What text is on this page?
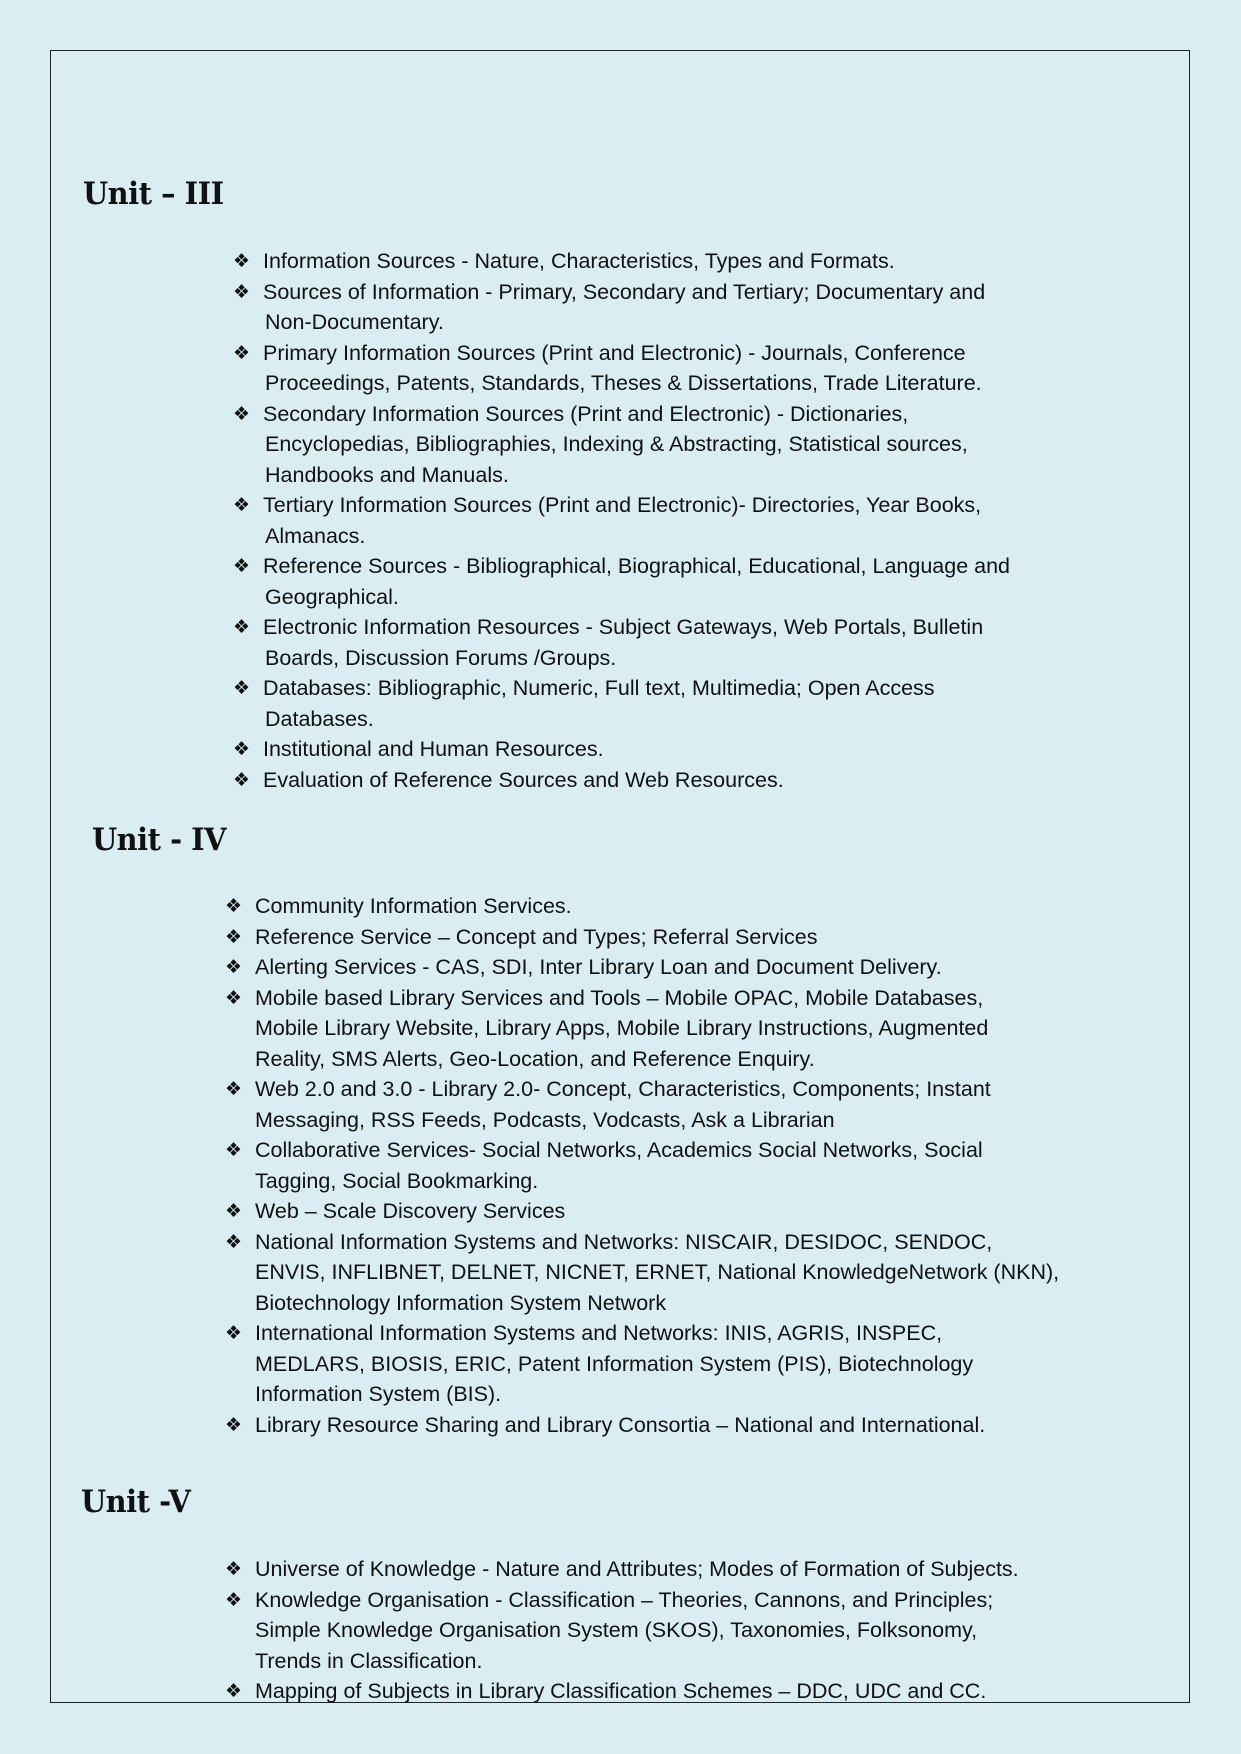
Unit – III
❖ Information Sources - Nature, Characteristics, Types and Formats.
❖ Sources of Information - Primary, Secondary and Tertiary; Documentary and
Non-Documentary.
❖ Primary Information Sources (Print and Electronic) - Journals, Conference
Proceedings, Patents, Standards, Theses & Dissertations, Trade Literature.
❖ Secondary Information Sources (Print and Electronic) - Dictionaries,
Encyclopedias, Bibliographies, Indexing & Abstracting, Statistical sources,
Handbooks and Manuals.
❖ Tertiary Information Sources (Print and Electronic)- Directories, Year Books,
Almanacs.
❖ Reference Sources - Bibliographical, Biographical, Educational, Language and
Geographical.
❖ Electronic Information Resources - Subject Gateways, Web Portals, Bulletin
Boards, Discussion Forums /Groups.
❖ Databases: Bibliographic, Numeric, Full text, Multimedia; Open Access
Databases.
❖ Institutional and Human Resources.
❖ Evaluation of Reference Sources and Web Resources.
Unit - IV
❖ Community Information Services.
❖ Reference Service – Concept and Types; Referral Services
❖ Alerting Services - CAS, SDI, Inter Library Loan and Document Delivery.
❖ Mobile based Library Services and Tools – Mobile OPAC, Mobile Databases,
Mobile Library Website, Library Apps, Mobile Library Instructions, Augmented
Reality, SMS Alerts, Geo-Location, and Reference Enquiry.
❖ Web 2.0 and 3.0 - Library 2.0- Concept, Characteristics, Components; Instant
Messaging, RSS Feeds, Podcasts, Vodcasts, Ask a Librarian
❖ Collaborative Services- Social Networks, Academics Social Networks, Social
Tagging, Social Bookmarking.
❖ Web – Scale Discovery Services
❖ National Information Systems and Networks: NISCAIR, DESIDOC, SENDOC,
ENVIS, INFLIBNET, DELNET, NICNET, ERNET, National KnowledgeNetwork (NKN),
Biotechnology Information System Network
❖ International Information Systems and Networks: INIS, AGRIS, INSPEC,
MEDLARS, BIOSIS, ERIC, Patent Information System (PIS), Biotechnology
Information System (BIS).
❖ Library Resource Sharing and Library Consortia – National and International.
Unit -V
❖ Universe of Knowledge - Nature and Attributes; Modes of Formation of Subjects.
❖ Knowledge Organisation - Classification – Theories, Cannons, and Principles;
Simple Knowledge Organisation System (SKOS), Taxonomies, Folksonomy,
Trends in Classification.
❖ Mapping of Subjects in Library Classification Schemes – DDC, UDC and CC.
